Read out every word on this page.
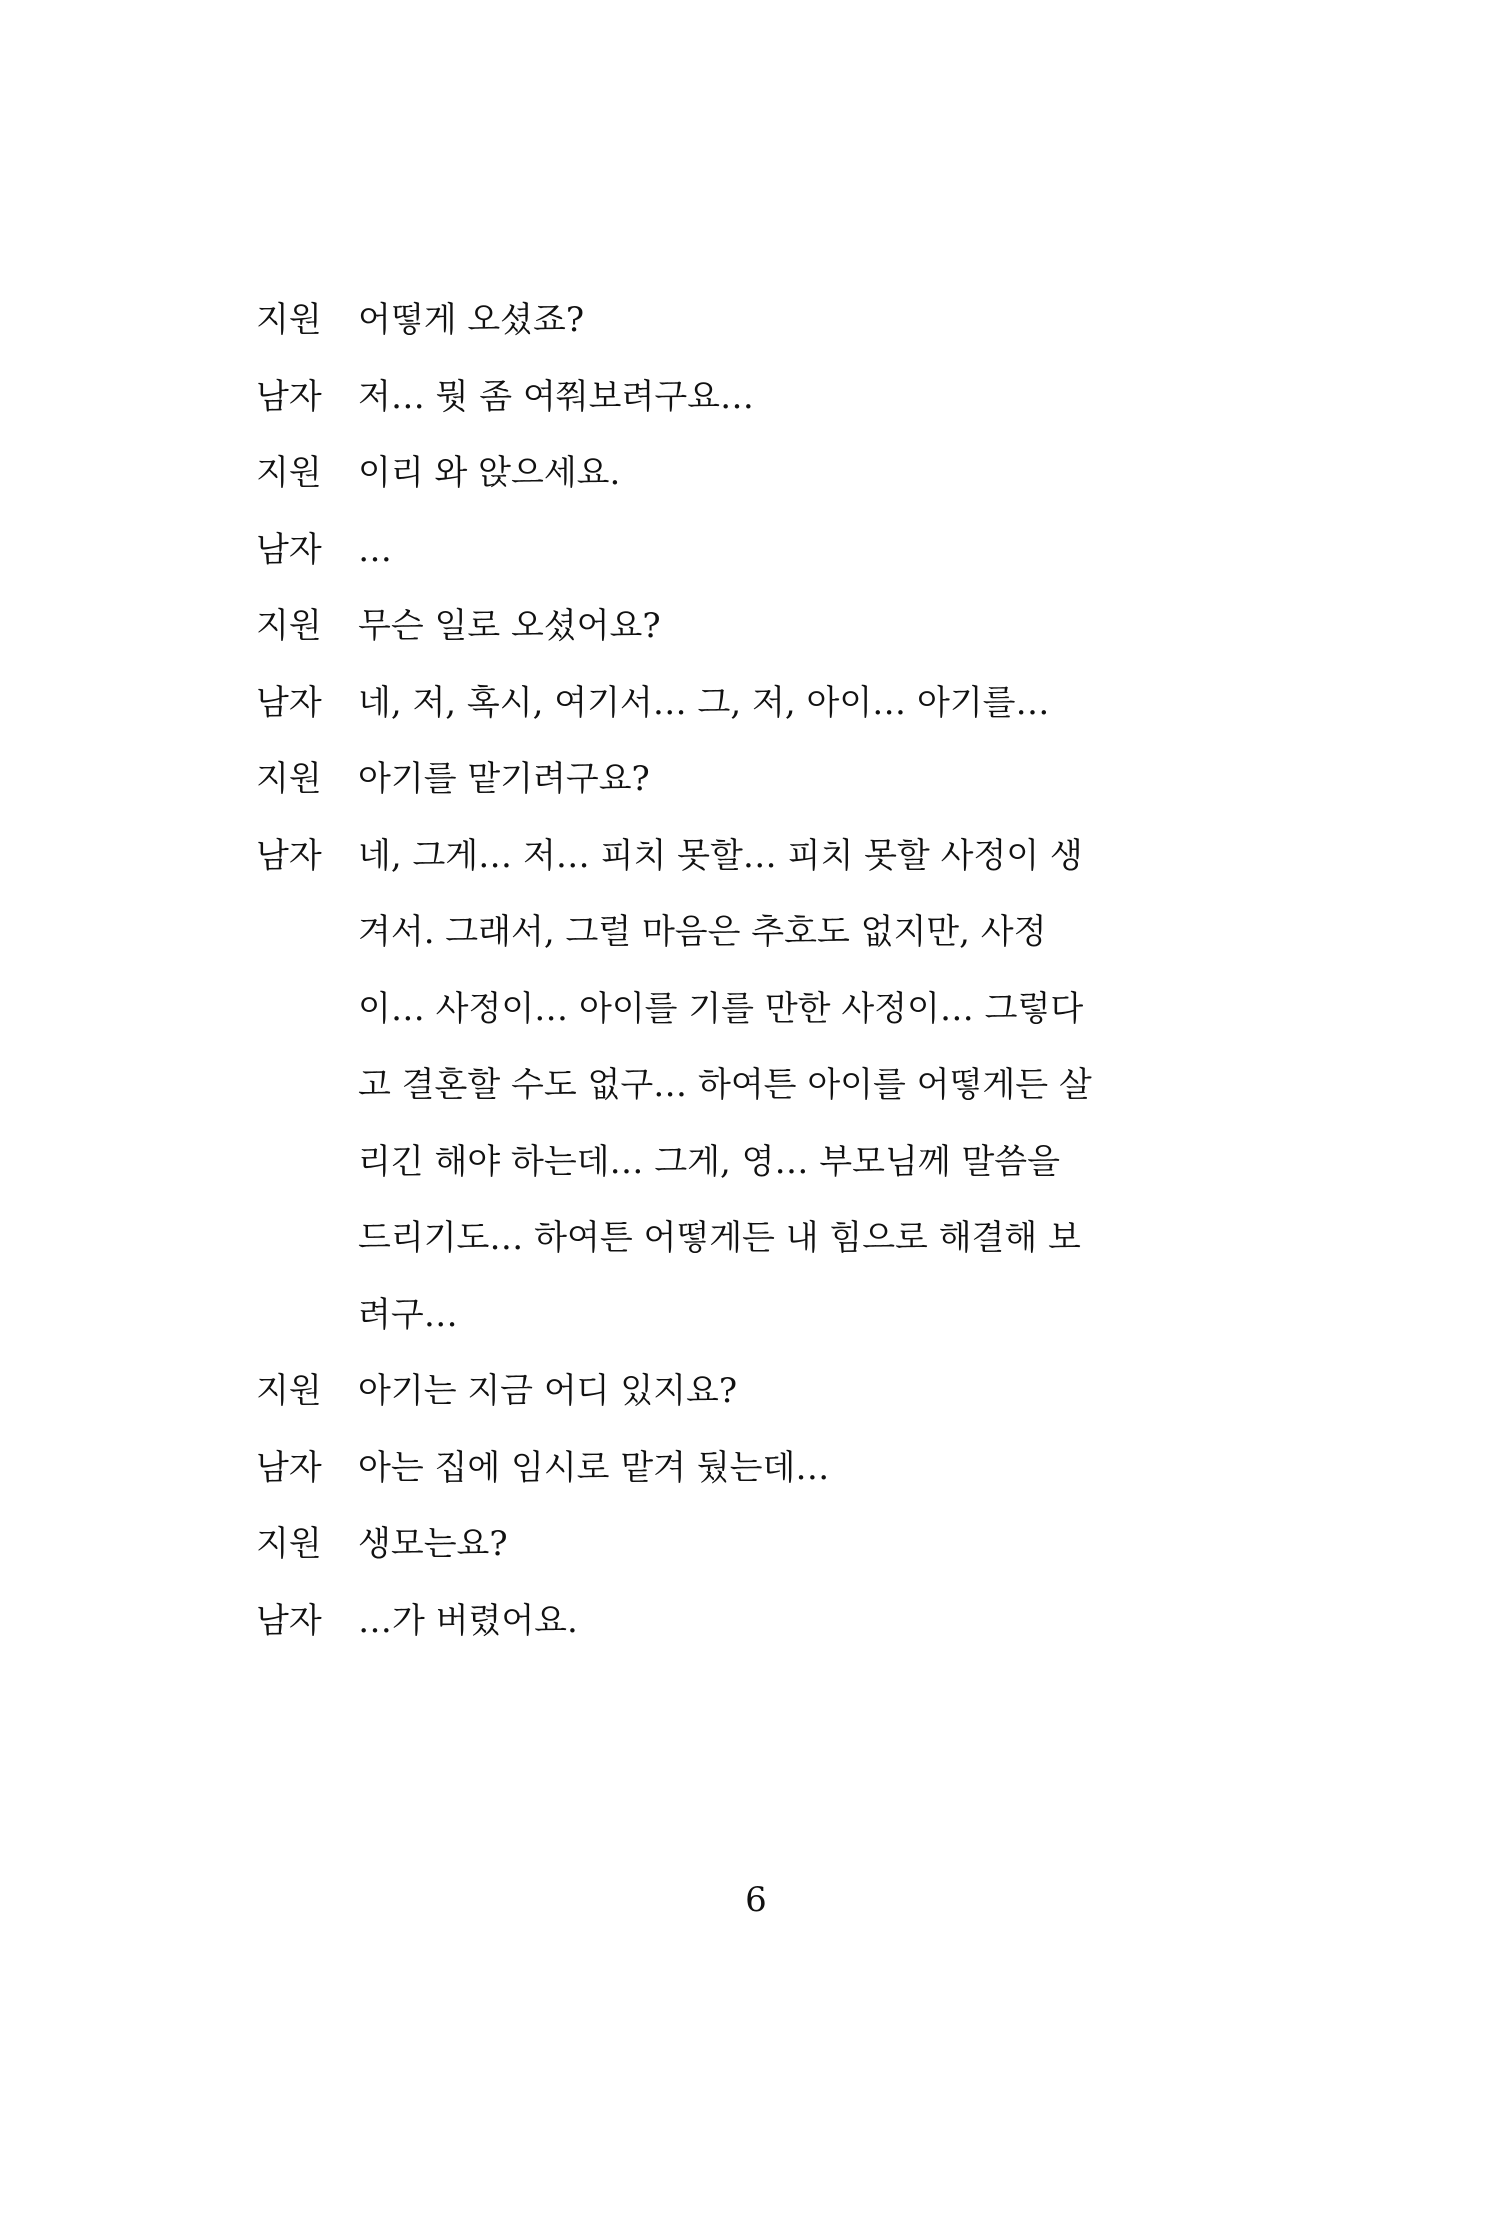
지원	어떻게 오셨죠?
남자	저… 뭣 좀 여쭤보려구요…
지원	이리 와 앉으세요.
남자	…
지원	무슨 일로 오셨어요?
남자	네, 저, 혹시, 여기서… 그, 저, 아이… 아기를…
지원	아기를 맡기려구요?
남자	네, 그게… 저… 피치 못할… 피치 못할 사정이 생
겨서. 그래서, 그럴 마음은 추호도 없지만, 사정
이… 사정이… 아이를 기를 만한 사정이… 그렇다
고 결혼할 수도 없구… 하여튼 아이를 어떻게든 살
리긴 해야 하는데… 그게, 영… 부모님께 말씀을
드리기도… 하여튼 어떻게든 내 힘으로 해결해 보
려구…
지원	아기는 지금 어디 있지요?
남자	아는 집에 임시로 맡겨 뒀는데…
지원	생모는요?
남자	…가 버렸어요.
6
